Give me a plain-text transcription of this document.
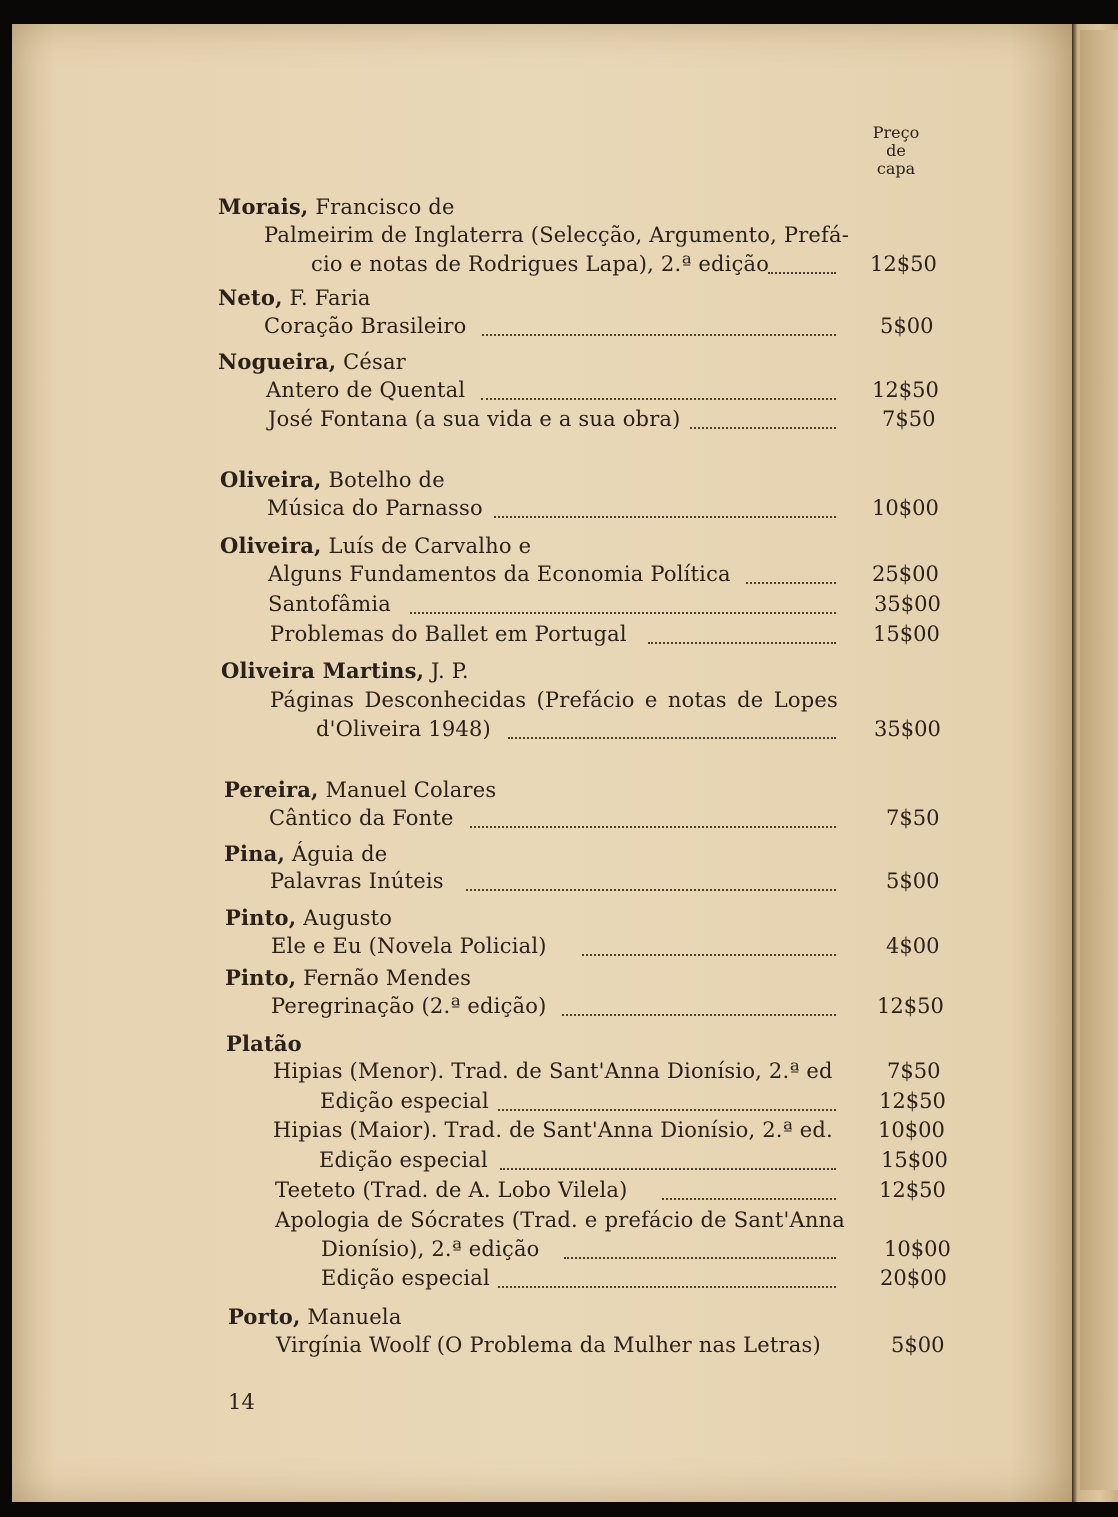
Preço
de
capa
Morais, Francisco de
Palmeirim de Inglaterra (Selecção, Argumento, Prefá-
cio e notas de Rodrigues Lapa), 2.ª edição	12$50
Neto, F. Faria
Coração Brasileiro	5$00
Nogueira, César
Antero de Quental	12$50
José Fontana (a sua vida e a sua obra)	7$50
Oliveira, Botelho de
Música do Parnasso	10$00
Oliveira, Luís de Carvalho e
Alguns Fundamentos da Economia Política	25$00
Santofâmia	35$00
Problemas do Ballet em Portugal	15$00
Oliveira Martins, J. P.
Páginas Desconhecidas (Prefácio e notas de Lopes
d'Oliveira 1948)	35$00
Pereira, Manuel Colares
Cântico da Fonte	7$50
Pina, Águia de
Palavras Inúteis	5$00
Pinto, Augusto
Ele e Eu (Novela Policial)	4$00
Pinto, Fernão Mendes
Peregrinação (2.ª edição)	12$50
Platão
Hipias (Menor). Trad. de Sant'Anna Dionísio, 2.ª ed	7$50
Edição especial	12$50
Hipias (Maior). Trad. de Sant'Anna Dionísio, 2.ª ed. 10$00
Edição especial	15$00
Teeteto (Trad. de A. Lobo Vilela)	12$50
Apologia de Sócrates (Trad. e prefácio de Sant'Anna
Dionísio), 2.ª edição	10$00
Edição especial	20$00
Porto, Manuela
Virgínia Woolf (O Problema da Mulher nas Letras)	5$00
14
